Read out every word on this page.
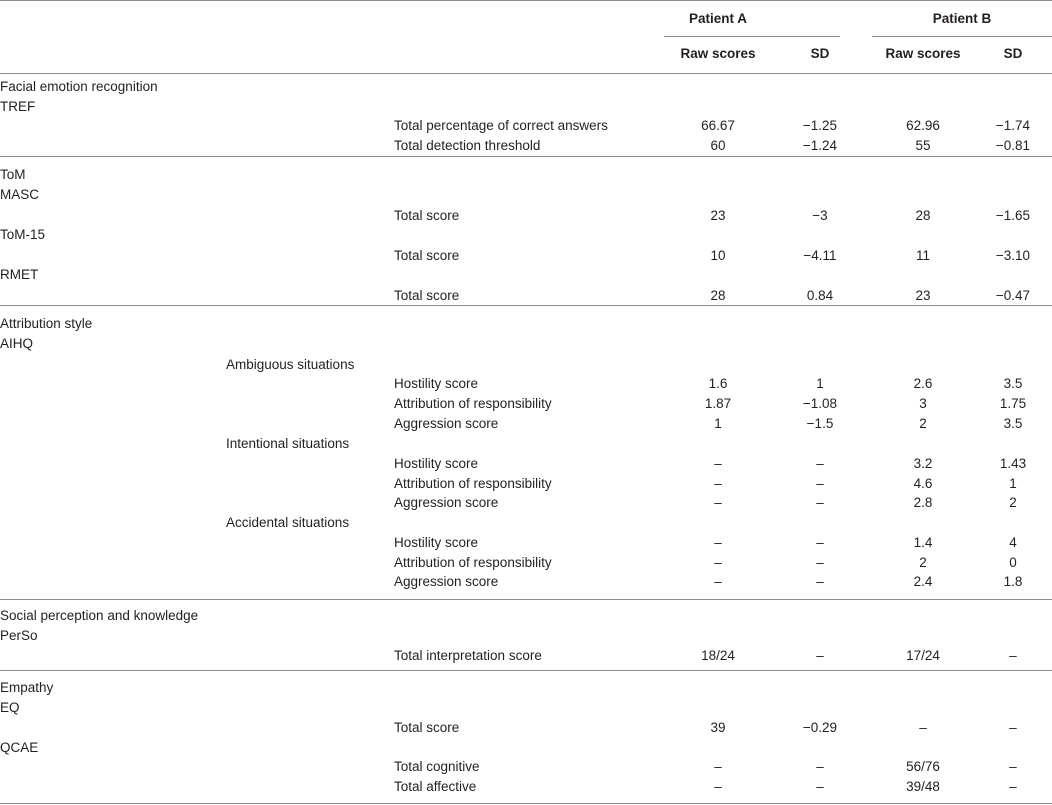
Patient A	Patient B
Raw scores	SD	Raw scores	SD
Facial emotion recognition
TREF
Total percentage of correct answers	66.67	−1.25	62.96	−1.74
Total detection threshold	60	−1.24	55	−0.81
ToM
MASC
Total score	23	−3	28	−1.65
ToM-15
Total score	10	−4.11	11	−3.10
RMET
Total score	28	0.84	23	−0.47
Attribution style
AIHQ
Ambiguous situations
Hostility score	1.6	1	2.6	3.5
Attribution of responsibility	1.87	−1.08	3	1.75
Aggression score	1	−1.5	2	3.5
Intentional situations
Hostility score	–	–	3.2	1.43
Attribution of responsibility	–	–	4.6	1
Aggression score	–	–	2.8	2
Accidental situations
Hostility score	–	–	1.4	4
Attribution of responsibility	–	–	2	0
Aggression score	–	–	2.4	1.8
Social perception and knowledge
PerSo
Total interpretation score	18/24	–	17/24	–
Empathy
EQ
Total score	39	−0.29	–	–
QCAE
Total cognitive	–	–	56/76	–
Total affective	–	–	39/48	–
